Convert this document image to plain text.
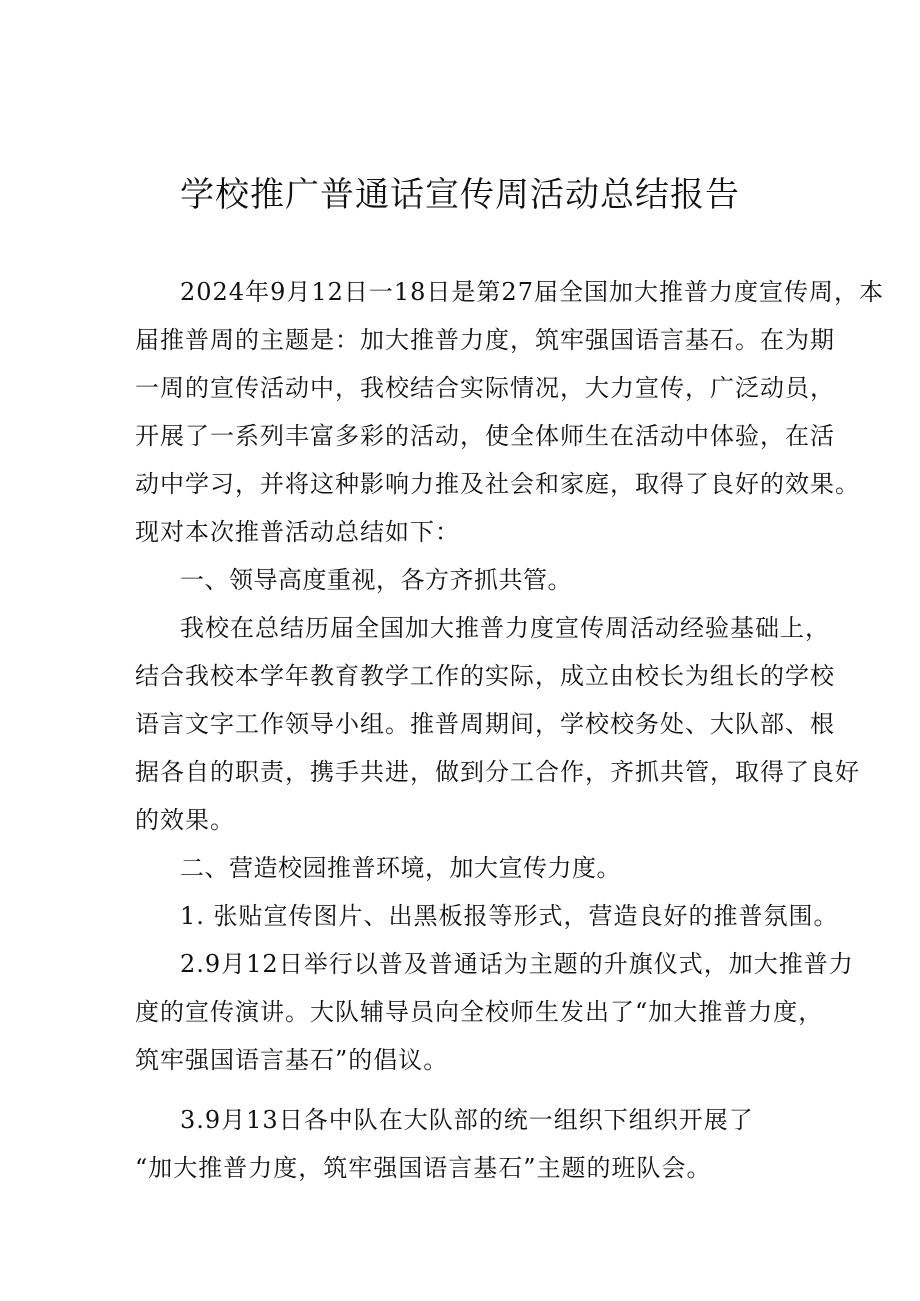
学校推广普通话宣传周活动总结报告
2024年9月12日一18日是第27届全国加大推普力度宣传周，本
届推普周的主题是：加大推普力度，筑牢强国语言基石。在为期
一周的宣传活动中，我校结合实际情况，大力宣传，广泛动员，
开展了一系列丰富多彩的活动，使全体师生在活动中体验，在活
动中学习，并将这种影响力推及社会和家庭，取得了良好的效果。
现对本次推普活动总结如下：
一、领导高度重视，各方齐抓共管。
我校在总结历届全国加大推普力度宣传周活动经验基础上，
结合我校本学年教育教学工作的实际，成立由校长为组长的学校
语言文字工作领导小组。推普周期间，学校校务处、大队部、根
据各自的职责，携手共进，做到分工合作，齐抓共管，取得了良好
的效果。
二、营造校园推普环境，加大宣传力度。
1. 张贴宣传图片、出黑板报等形式，营造良好的推普氛围。
2.9月12日举行以普及普通话为主题的升旗仪式，加大推普力
度的宣传演讲。大队辅导员向全校师生发出了“加大推普力度，
筑牢强国语言基石”的倡议。
3.9月13日各中队在大队部的统一组织下组织开展了
“加大推普力度，筑牢强国语言基石”主题的班队会。
